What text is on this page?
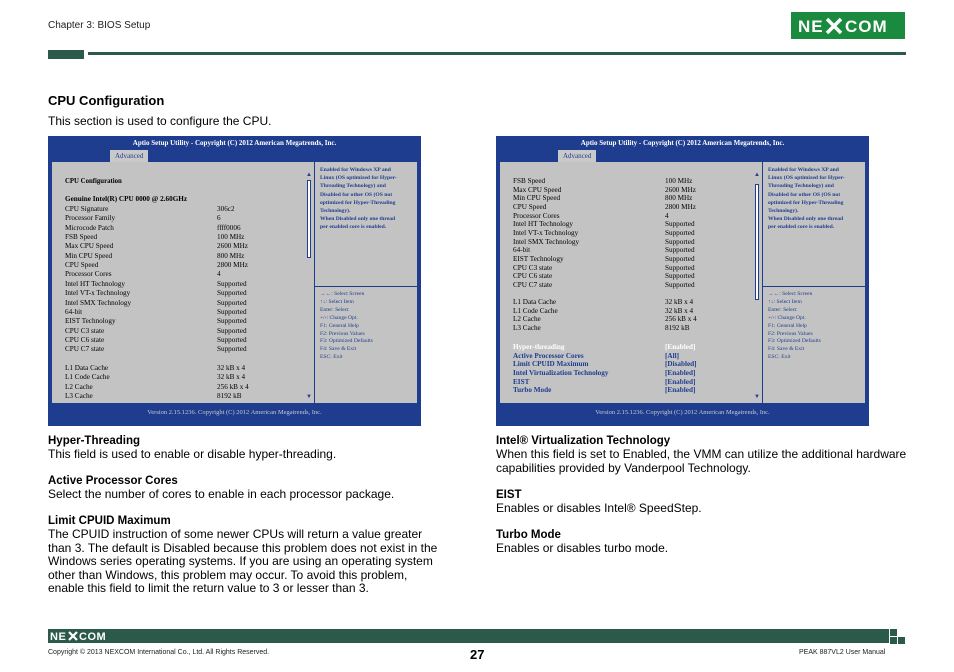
Chapter 3: BIOS Setup	NE COM
CPU Configuration
This section is used to configure the CPU.
Aptio Setup Utility - Copyright (C) 2012 American Megatrends, Inc.
Advanced
CPU Configuration
Genuine Intel(R) CPU 0000 @ 2.60GHz
CPU Signature	306c2
Processor Family	6
Microcode Patch	ffff0006
FSB Speed	100 MHz
Max CPU Speed	2600 MHz
Min CPU Speed	800 MHz
CPU Speed	2800 MHz
Processor Cores	4
Intel HT Technology	Supported
Intel VT-x Technology	Supported
Intel SMX Technology	Supported
64-bit	Supported
EIST Technology	Supported
CPU C3 state	Supported
CPU C6 state	Supported
CPU C7 state	Supported
L1 Data Cache	32 kB x 4
L1 Code Cache	32 kB x 4
L2 Cache	256 kB x 4
L3 Cache	8192 kB
▲
▼
Enabled for Windows XP and
Linux (OS optimized for Hyper-
Threading Technology) and
Disabled for other OS (OS not
optimized for Hyper-Threading
Technology).
When Disabled only one thread
per enabled core is enabled.
→←: Select Screen
↑↓: Select Item
Enter: Select
+/-: Change Opt.
F1: General Help
F2: Previous Values
F3: Optimized Defaults
F4: Save & Exit
ESC: Exit
Version 2.15.1236. Copyright (C) 2012 American Megatrends, Inc.
Aptio Setup Utility - Copyright (C) 2012 American Megatrends, Inc.
Advanced
FSB Speed	100 MHz
Max CPU Speed	2600 MHz
Min CPU Speed	800 MHz
CPU Speed	2800 MHz
Processor Cores	4
Intel HT Technology	Supported
Intel VT-x Technology	Supported
Intel SMX Technology	Supported
64-bit	Supported
EIST Technology	Supported
CPU C3 state	Supported
CPU C6 state	Supported
CPU C7 state	Supported
L1 Data Cache	32 kB x 4
L1 Code Cache	32 kB x 4
L2 Cache	256 kB x 4
L3 Cache	8192 kB
Hyper-threading	[Enabled]
Active Processor Cores	[All]
Limit CPUID Maximum	[Disabled]
Intel Virtualization Technology	[Enabled]
EIST	[Enabled]
Turbo Mode	[Enabled]
▲
▼
Enabled for Windows XP and
Linux (OS optimized for Hyper-
Threading Technology) and
Disabled for other OS (OS not
optimized for Hyper-Threading
Technology).
When Disabled only one thread
per enabled core is enabled.
→←: Select Screen
↑↓: Select Item
Enter: Select
+/-: Change Opt.
F1: General Help
F2: Previous Values
F3: Optimized Defaults
F4: Save & Exit
ESC: Exit
Version 2.15.1236. Copyright (C) 2012 American Megatrends, Inc.
Hyper-Threading
This field is used to enable or disable hyper-threading.
Active Processor Cores
Select the number of cores to enable in each processor package.
Limit CPUID Maximum
The CPUID instruction of some newer CPUs will return a value greater
than 3. The default is Disabled because this problem does not exist in the
Windows series operating systems. If you are using an operating system
other than Windows, this problem may occur. To avoid this problem,
enable this field to limit the return value to 3 or lesser than 3.
Intel® Virtualization Technology
When this field is set to Enabled, the VMM can utilize the additional hardware
capabilities provided by Vanderpool Technology.
EIST
Enables or disables Intel® SpeedStep.
Turbo Mode
Enables or disables turbo mode.
NE COM
27
Copyright © 2013 NEXCOM International Co., Ltd. All Rights Reserved.	PEAK 887VL2 User Manual
